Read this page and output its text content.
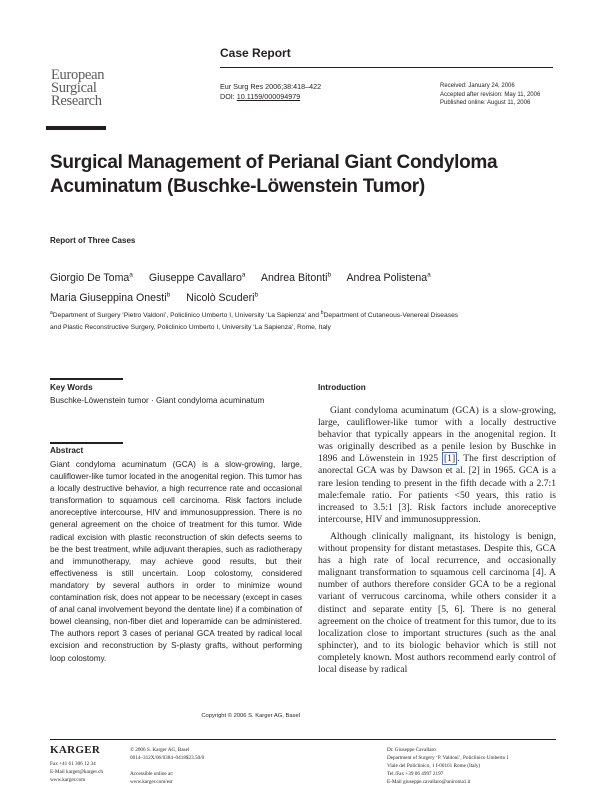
Case Report
European
Surgical
Research
Eur Surg Res 2006;38:418–422
DOI: 10.1159/000094979
Received: January 24, 2006
Accepted after revision: May 11, 2006
Published online: August 11, 2006
Surgical Management of Perianal Giant Condyloma Acuminatum (Buschke-Löwenstein Tumor)
Report of Three Cases
Giorgio De Toma$^a$ Giuseppe Cavallaro$^a$ Andrea Bitonti$^b$ Andrea Polistena$^a$
Maria Giuseppina Onesti$^b$ Nicolò Scuderi$^b$
$^a$Department of Surgery ‘Pietro Valdoni’, Policlinico Umberto I, University ‘La Sapienza’ and $^b$Department of Cutaneous-Venereal Diseases and Plastic Reconstructive Surgery, Policlinico Umberto I, University ‘La Sapienza’, Rome, Italy
Key Words
Buschke-Löwenstein tumor · Giant condyloma acuminatum
Abstract
Giant condyloma acuminatum (GCA) is a slow-growing, large, cauliflower-like tumor located in the anogenital region. This tumor has a locally destructive behavior, a high recurrence rate and occasional transformation to squamous cell carcinoma. Risk factors include anoreceptive intercourse, HIV and immunosuppression. There is no general agreement on the choice of treatment for this tumor. Wide radical excision with plastic reconstruction of skin defects seems to be the best treatment, while adjuvant therapies, such as radiotherapy and immunotherapy, may achieve good results, but their effectiveness is still uncertain. Loop colostomy, considered mandatory by several authors in order to minimize wound contamination risk, does not appear to be necessary (except in cases of anal canal involvement beyond the dentate line) if a combination of bowel cleansing, non-fiber diet and loperamide can be administered. The authors report 3 cases of perianal GCA treated by radical local excision and reconstruction by S-plasty grafts, without performing loop colostomy.
Copyright © 2006 S. Karger AG, Basel
Introduction

Giant condyloma acuminatum (GCA) is a slow-growing, large, cauliflower-like tumor with a locally destructive behavior that typically appears in the anogenital region. It was originally described as a penile lesion by Buschke in 1896 and Löwenstein in 1925 [1] . The first description of anorectal GCA was by Dawson et al. [2] in 1965. GCA is a rare lesion tending to present in the fifth decade with a 2.7:1 male:female ratio. For patients <50 years, this ratio is increased to 3.5:1 [3]. Risk factors include anoreceptive intercourse, HIV and immunosuppression.

Although clinically malignant, its histology is benign, without propensity for distant metastases. Despite this, GCA has a high rate of local recurrence, and occasionally malignant transformation to squamous cell carcinoma [4]. A number of authors therefore consider GCA to be a regional variant of verrucous carcinoma, while others consider it a distinct and separate entity [5, 6]. There is no general agreement on the choice of treatment for this tumor, due to its localization close to important structures (such as the anal sphincter), and to its biologic behavior which is still not completely known. Most authors recommend early control of local disease by radical

KARGER
Fax +41 61 306 12 34
E-Mail karger@karger.ch
www.karger.com
© 2006 S. Karger AG, Basel
0014–312X/06/0384–0418$23.50/0

Accessible online at:
www.karger.com/esr
Dr. Giuseppe Cavallaro
Department of Surgery ‘P. Valdoni’, Policlinico Umberto I
Viale del Policlinico, 1 I-00161 Rome (Italy)
Tel./Fax +39 06 4997 2197
E-Mail giuseppe.cavallaro@uniroma1.it
